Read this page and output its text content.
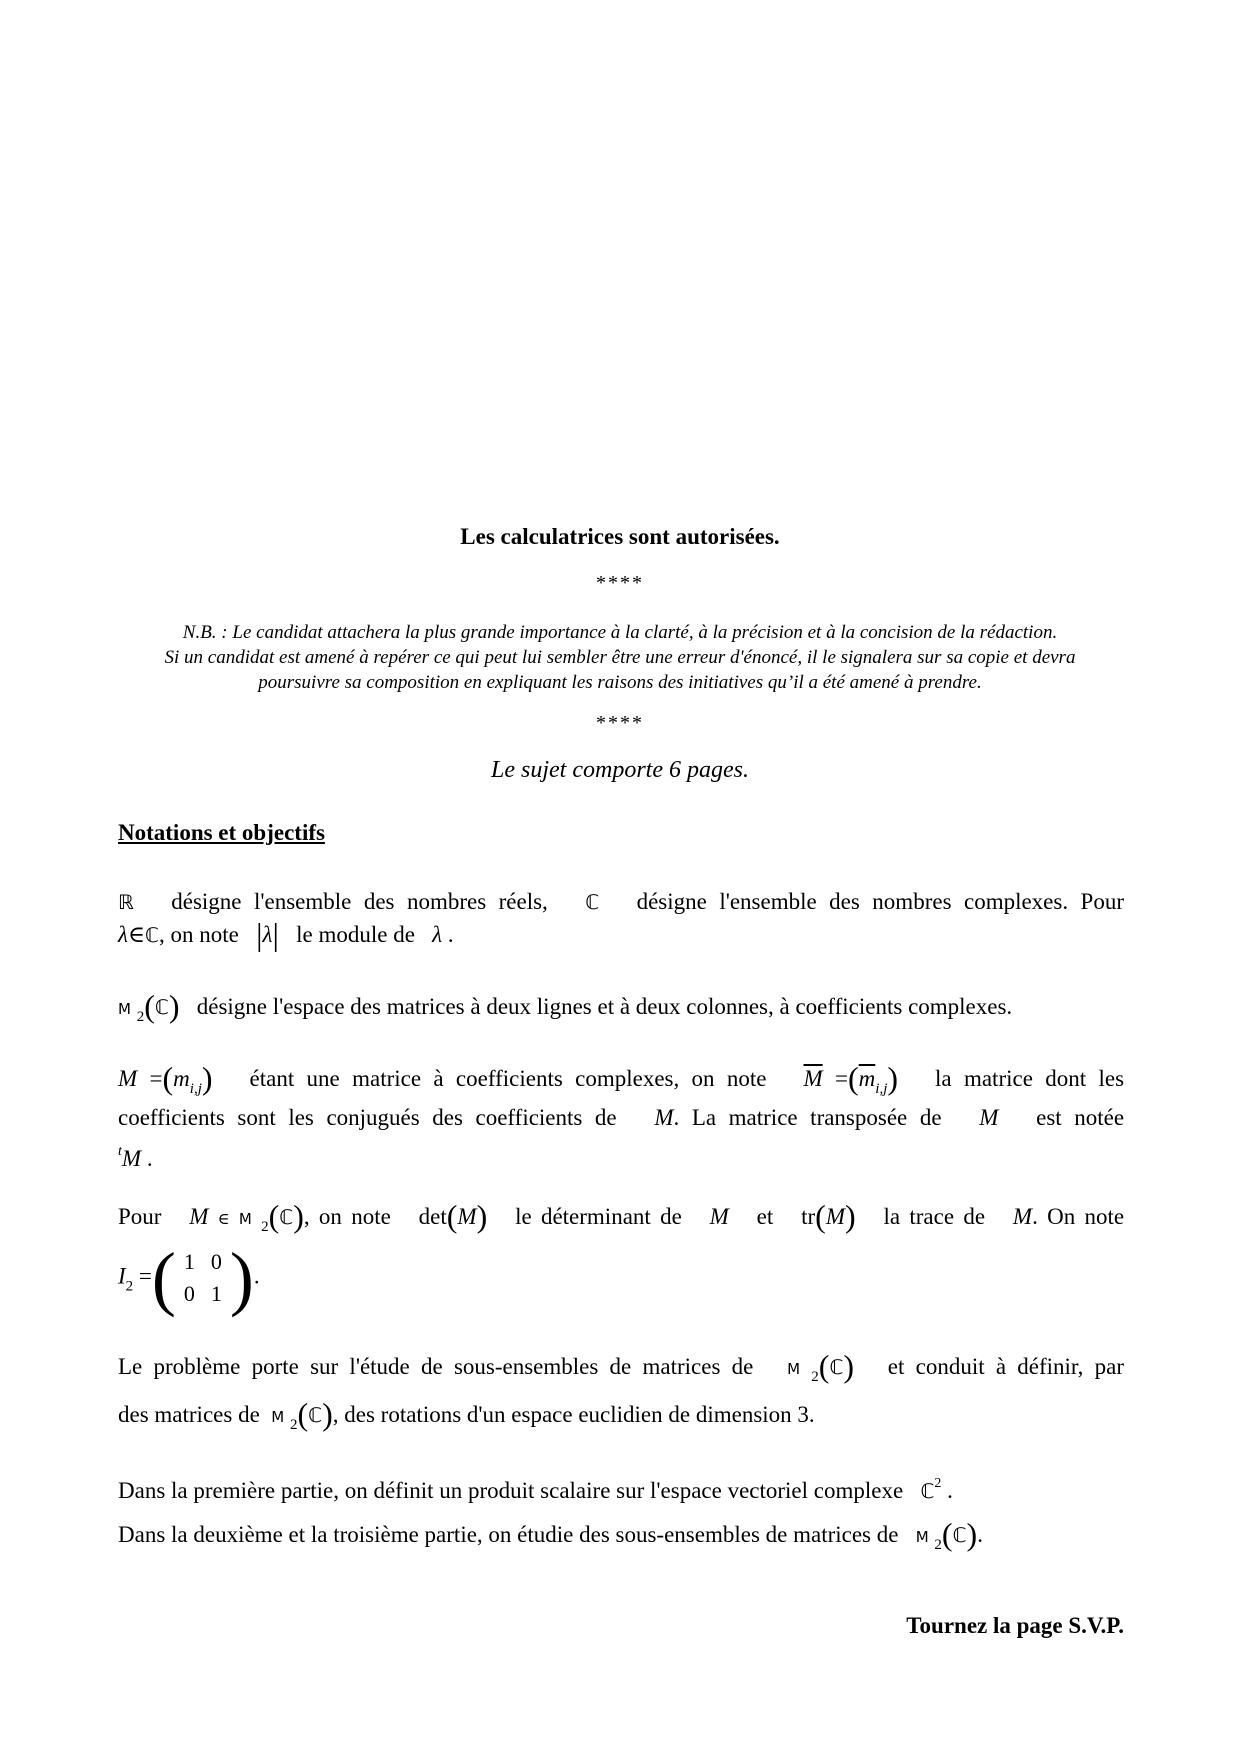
Les calculatrices sont autorisées.
****
N.B. : Le candidat attachera la plus grande importance à la clarté, à la précision et à la concision de la rédaction.
Si un candidat est amené à repérer ce qui peut lui sembler être une erreur d'énoncé, il le signalera sur sa copie et devra
poursuivre sa composition en expliquant les raisons des initiatives qu’il a été amené à prendre.
****
Le sujet comporte 6 pages.
Notations et objectifs
ℝ désigne l'ensemble des nombres réels, ℂ désigne l'ensemble des nombres complexes. Pour
λ∈ℂ, on note |λ| le module de λ .
M $_2$(ℂ) désigne l'espace des matrices à deux lignes et à deux colonnes, à coefficients complexes.
$M =(m_{i,j})$ étant une matrice à coefficients complexes, on note $\overline{M} =(\overline{m}_{i,j})$ la matrice dont les
coefficients sont les conjugués des coefficients de M. La matrice transposée de M est notée
$^t$M .
Pour M ∈ M $_2$(ℂ), on note det(M) le déterminant de M et tr(M) la trace de M. On note
$I_2$ =( 1	0
0	1 ).
Le problème porte sur l'étude de sous-ensembles de matrices de M $_2$(ℂ) et conduit à définir, par
des matrices de M $_2$(ℂ), des rotations d'un espace euclidien de dimension 3.
Dans la première partie, on définit un produit scalaire sur l'espace vectoriel complexe ℂ$^2$ .
Dans la deuxième et la troisième partie, on étudie des sous-ensembles de matrices de M $_2$(ℂ).
Tournez la page S.V.P.
